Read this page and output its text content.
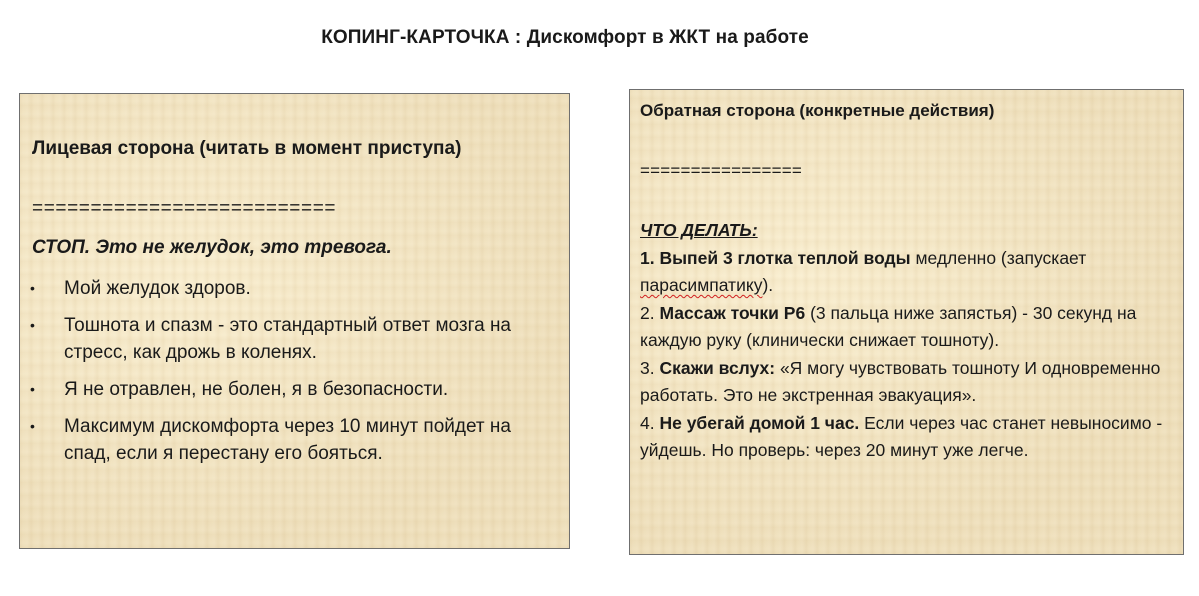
КОПИНГ-КАРТОЧКА : Дискомфорт в ЖКТ на работе
Лицевая сторона (читать в момент приступа)
==========================
СТОП. Это не желудок, это тревога.
• Мой желудок здоров.
• Тошнота и спазм - это стандартный ответ мозга на стресс, как дрожь в коленях.
• Я не отравлен, не болен, я в безопасности.
• Максимум дискомфорта через 10 минут пойдет на спад, если я перестану его бояться.
Обратная сторона (конкретные действия)
================
ЧТО ДЕЛАТЬ:
1. Выпей 3 глотка теплой воды медленно (запускает парасимпатику).
2. Массаж точки P6 (3 пальца ниже запястья) - 30 секунд на каждую руку (клинически снижает тошноту).
3. Скажи вслух: «Я могу чувствовать тошноту И одновременно работать. Это не экстренная эвакуация».
4. Не убегай домой 1 час. Если через час станет невыносимо - уйдешь. Но проверь: через 20 минут уже легче.
